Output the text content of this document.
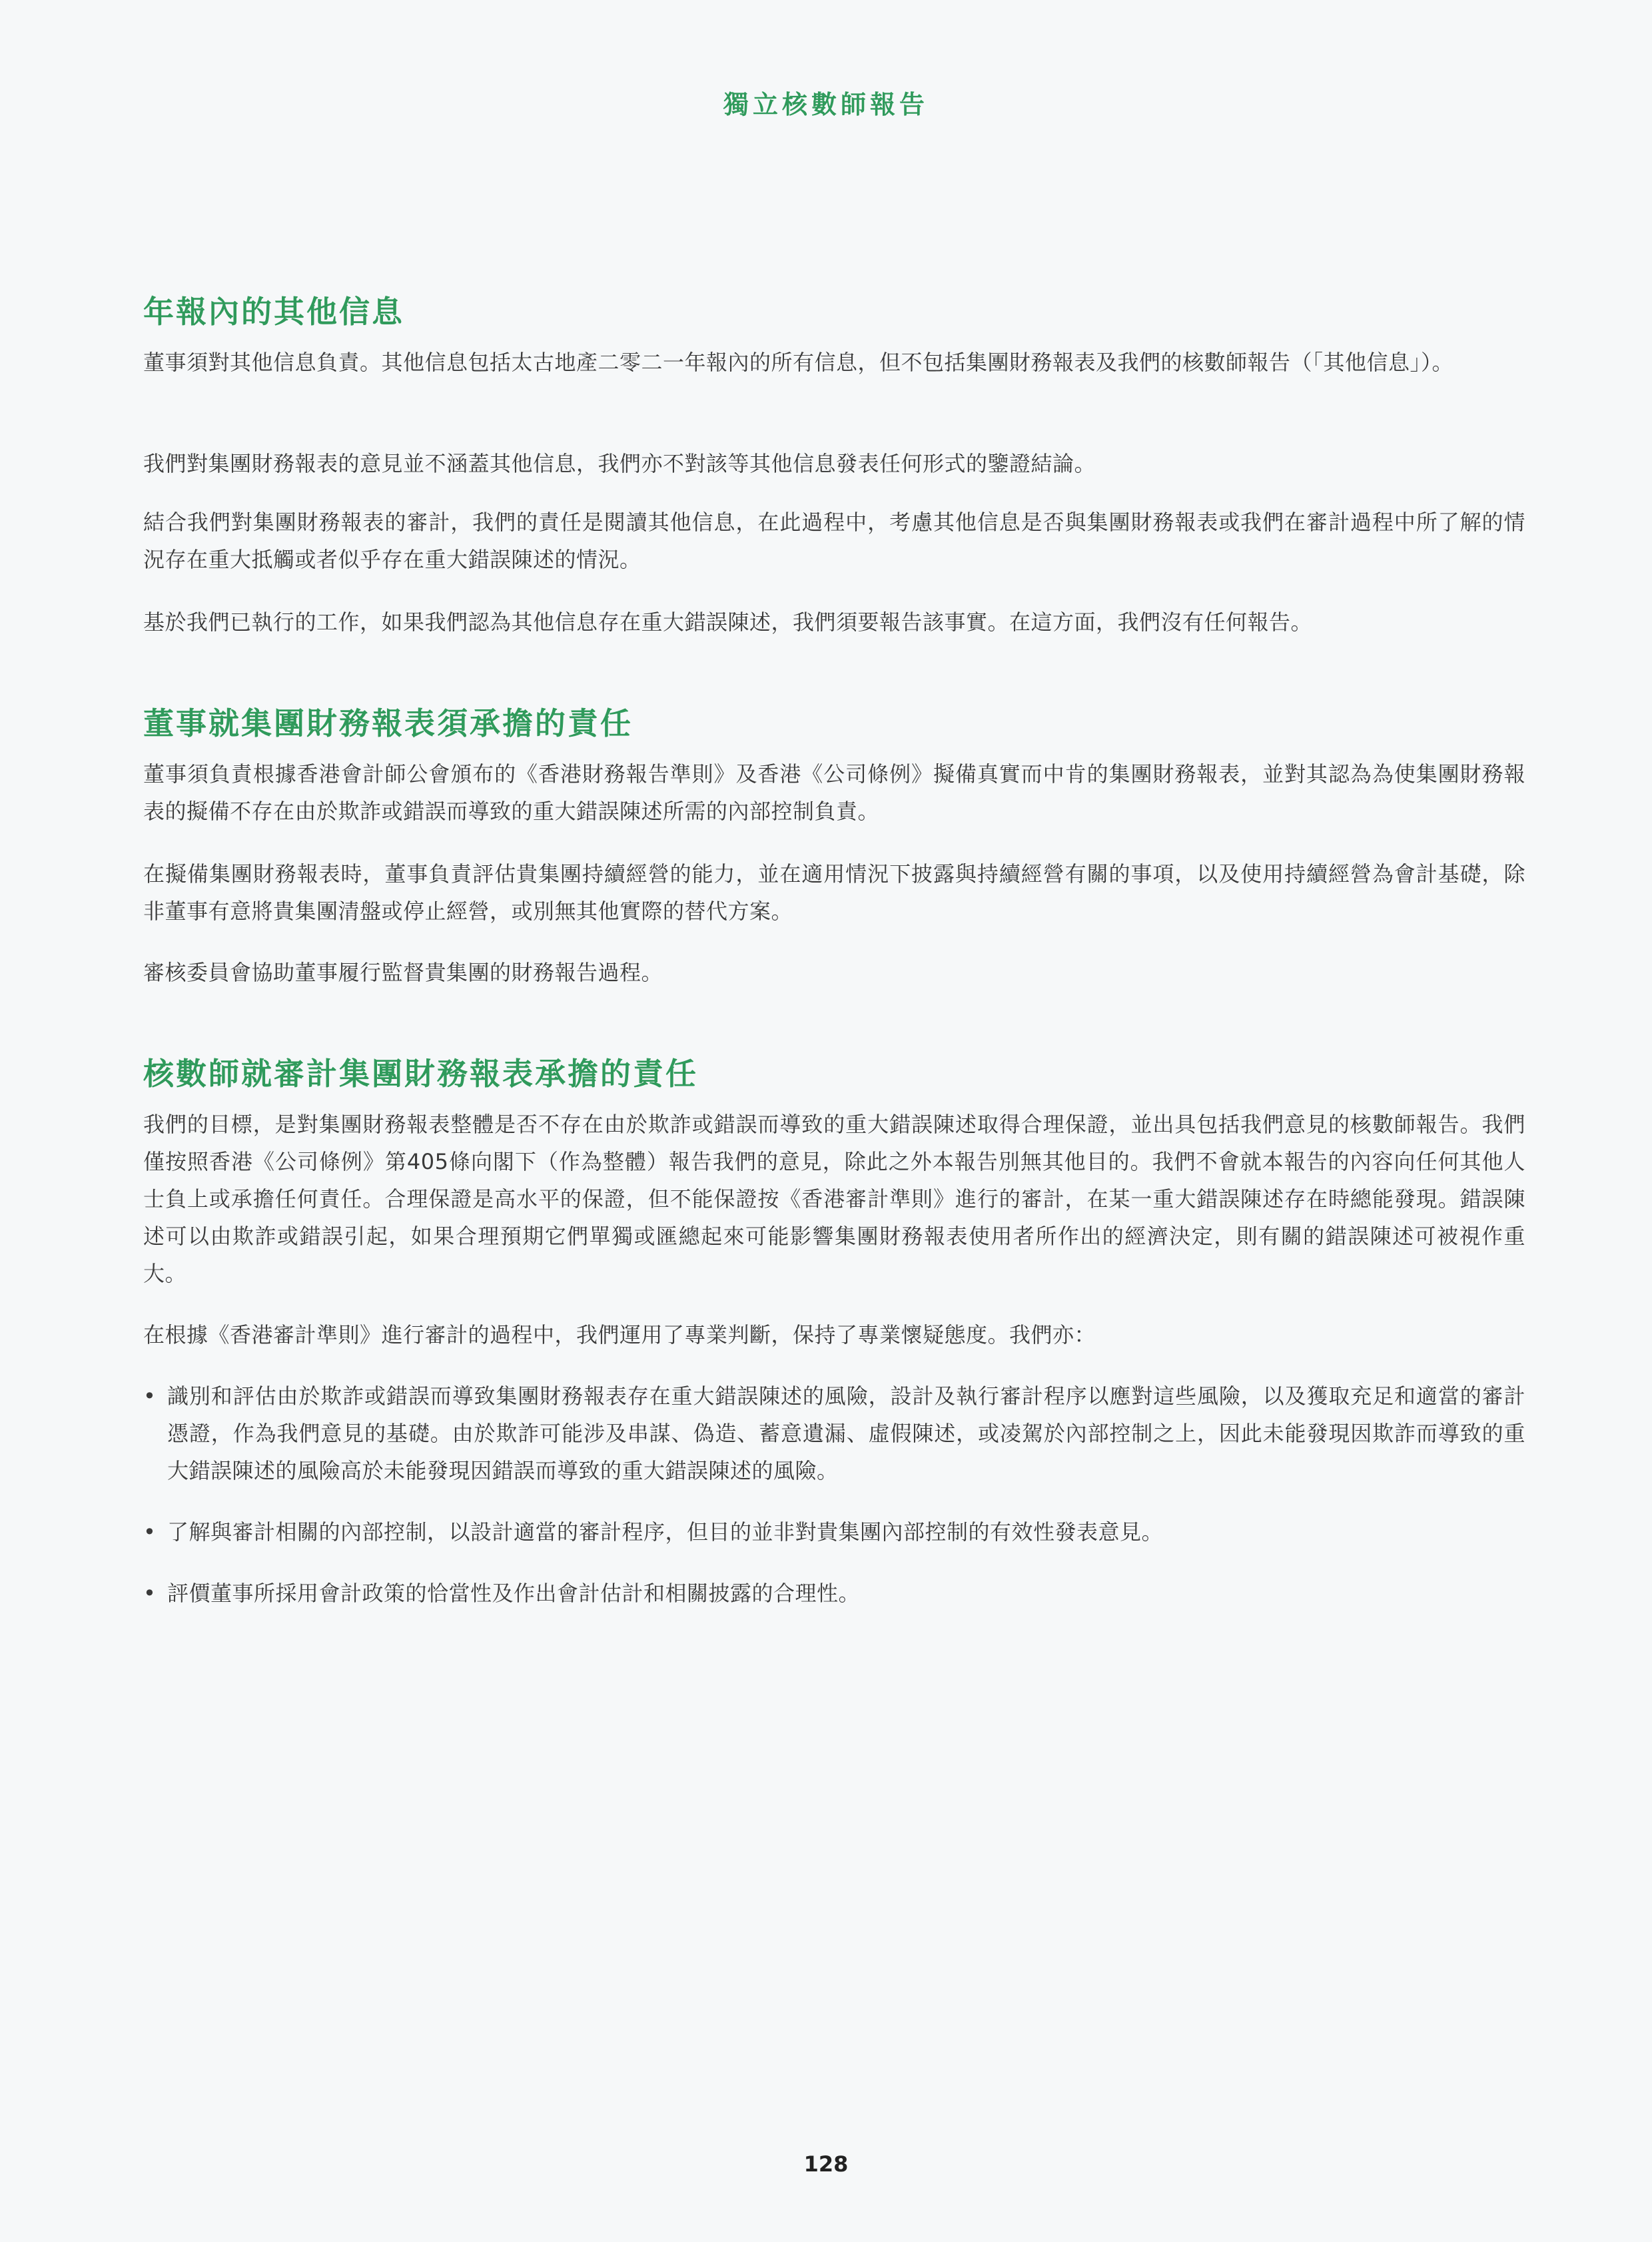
獨立核數師報告
年報內的其他信息

董事須對其他信息負責。其他信息包括太古地產二零二一年報內的所有信息，但不包括集團財務報表及我們的核數師報告（「其他信息」）。

我們對集團財務報表的意見並不涵蓋其他信息，我們亦不對該等其他信息發表任何形式的鑒證結論。

結合我們對集團財務報表的審計，我們的責任是閱讀其他信息，在此過程中，考慮其他信息是否與集團財務報表或我們在審計過程中所了解的情況存在重大抵觸或者似乎存在重大錯誤陳述的情況。

基於我們已執行的工作，如果我們認為其他信息存在重大錯誤陳述，我們須要報告該事實。在這方面，我們沒有任何報告。

董事就集團財務報表須承擔的責任

董事須負責根據香港會計師公會頒布的《香港財務報告準則》及香港《公司條例》擬備真實而中肯的集團財務報表，並對其認為為使集團財務報表的擬備不存在由於欺詐或錯誤而導致的重大錯誤陳述所需的內部控制負責。

在擬備集團財務報表時，董事負責評估貴集團持續經營的能力，並在適用情況下披露與持續經營有關的事項，以及使用持續經營為會計基礎，除非董事有意將貴集團清盤或停止經營，或別無其他實際的替代方案。

審核委員會協助董事履行監督貴集團的財務報告過程。

核數師就審計集團財務報表承擔的責任

我們的目標，是對集團財務報表整體是否不存在由於欺詐或錯誤而導致的重大錯誤陳述取得合理保證，並出具包括我們意見的核數師報告。我們僅按照香港《公司條例》第405條向閣下（作為整體）報告我們的意見，除此之外本報告別無其他目的。我們不會就本報告的內容向任何其他人士負上或承擔任何責任。合理保證是高水平的保證，但不能保證按《香港審計準則》進行的審計，在某一重大錯誤陳述存在時總能發現。錯誤陳述可以由欺詐或錯誤引起，如果合理預期它們單獨或匯總起來可能影響集團財務報表使用者所作出的經濟決定，則有關的錯誤陳述可被視作重大。

在根據《香港審計準則》進行審計的過程中，我們運用了專業判斷，保持了專業懷疑態度。我們亦：

• 識別和評估由於欺詐或錯誤而導致集團財務報表存在重大錯誤陳述的風險，設計及執行審計程序以應對這些風險，以及獲取充足和適當的審計憑證，作為我們意見的基礎。由於欺詐可能涉及串謀、偽造、蓄意遺漏、虛假陳述，或凌駕於內部控制之上，因此未能發現因欺詐而導致的重大錯誤陳述的風險高於未能發現因錯誤而導致的重大錯誤陳述的風險。

• 了解與審計相關的內部控制，以設計適當的審計程序，但目的並非對貴集團內部控制的有效性發表意見。

• 評價董事所採用會計政策的恰當性及作出會計估計和相關披露的合理性。

128
